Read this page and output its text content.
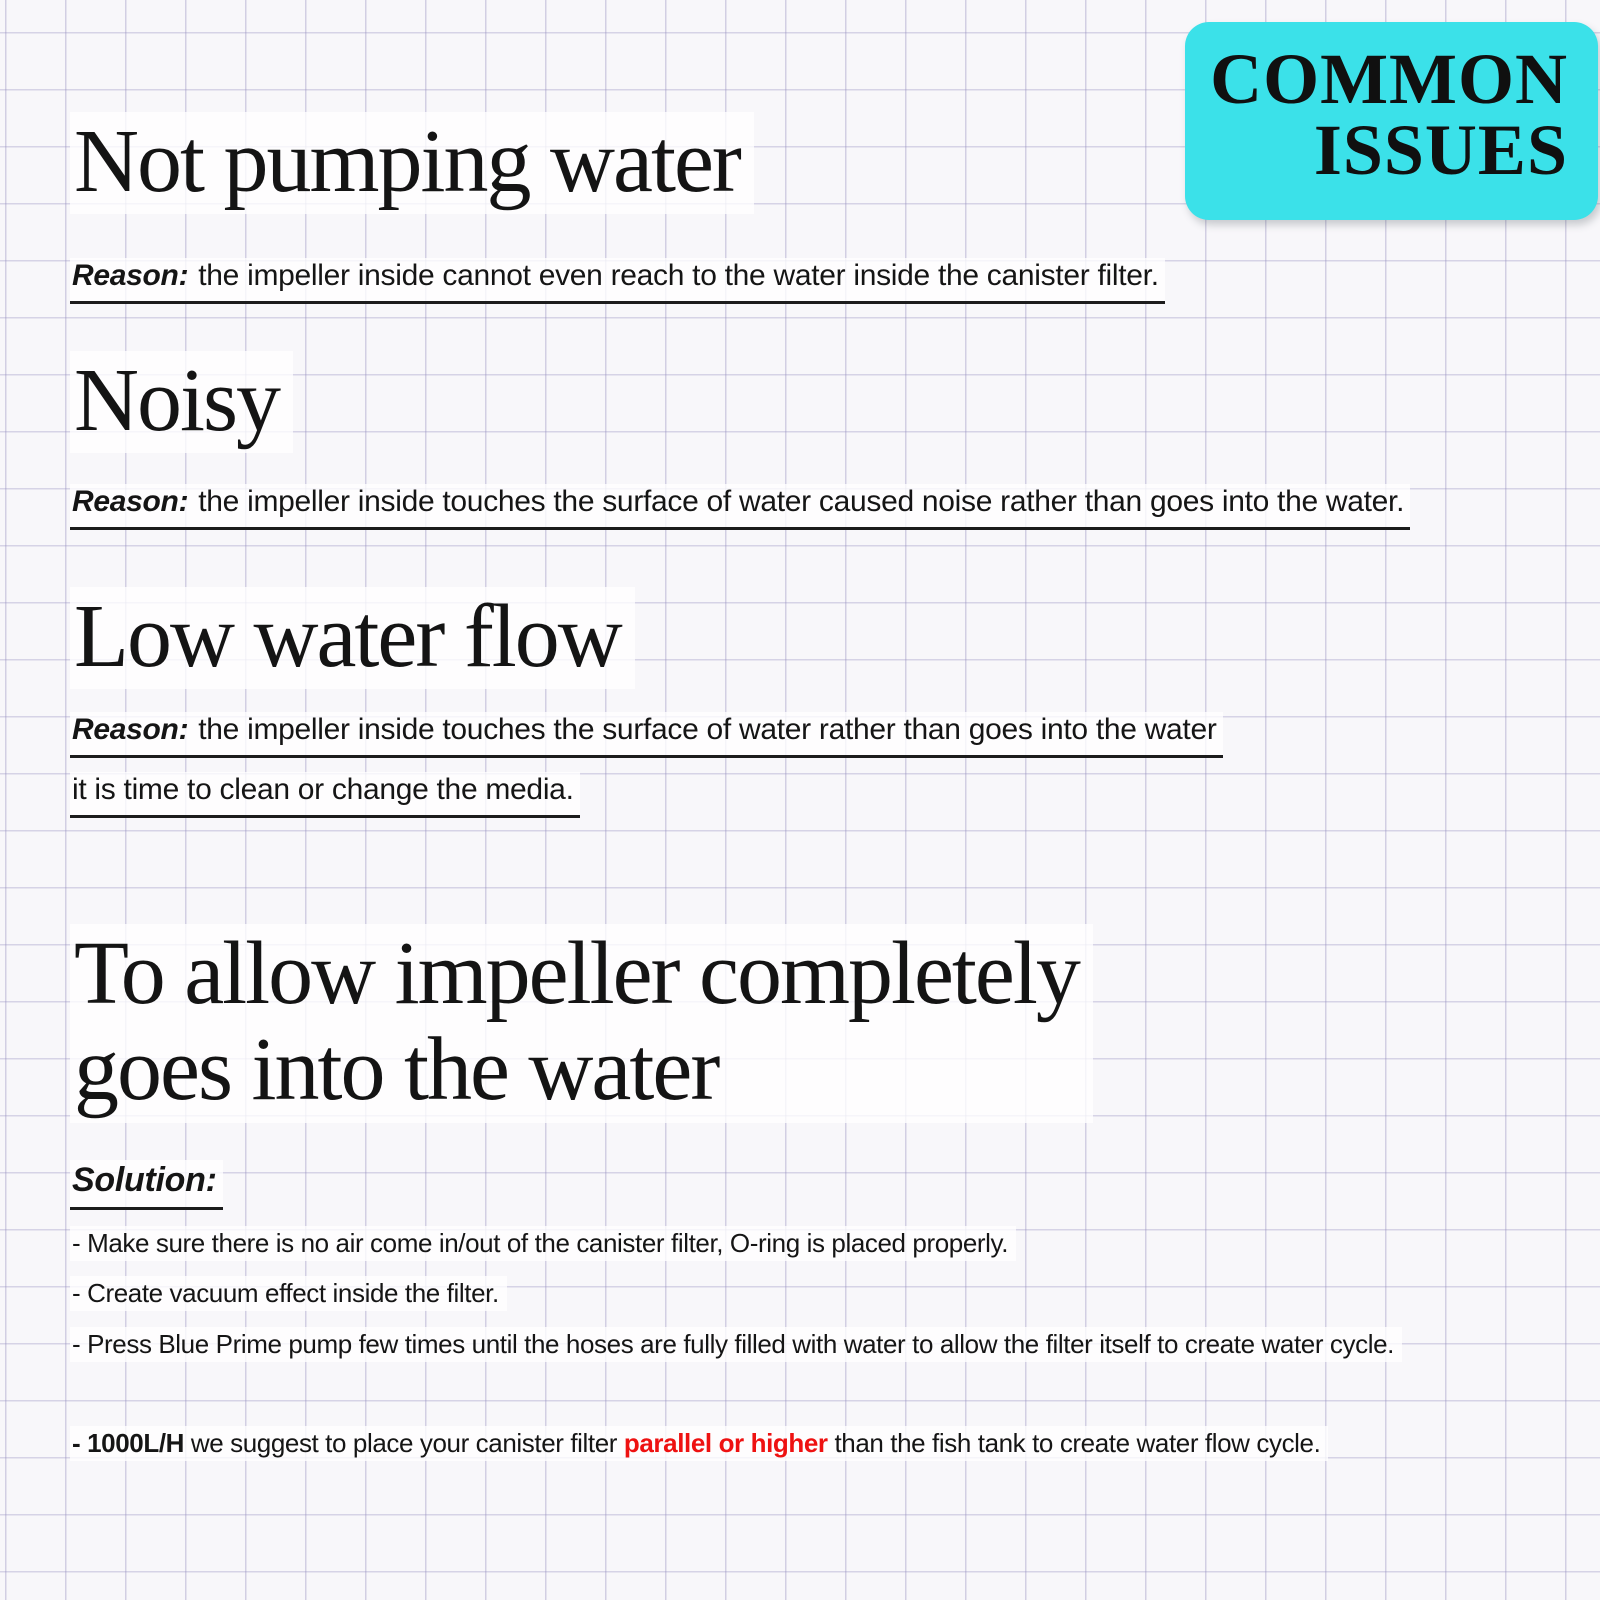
COMMON
ISSUES
Not pumping water
Reason: the impeller inside cannot even reach to the water inside the canister filter.
Noisy
Reason: the impeller inside touches the surface of water caused noise rather than goes into the water.
Low water flow
Reason: the impeller inside touches the surface of water rather than goes into the water
it is time to clean or change the media.
To allow impeller completely
goes into the water
Solution:
- Make sure there is no air come in/out of the canister filter, O-ring is placed properly.
- Create vacuum effect inside the filter.
- Press Blue Prime pump few times until the hoses are fully filled with water to allow the filter itself to create water cycle.
- 1000L/H we suggest to place your canister filter parallel or higher than the fish tank to create water flow cycle.
